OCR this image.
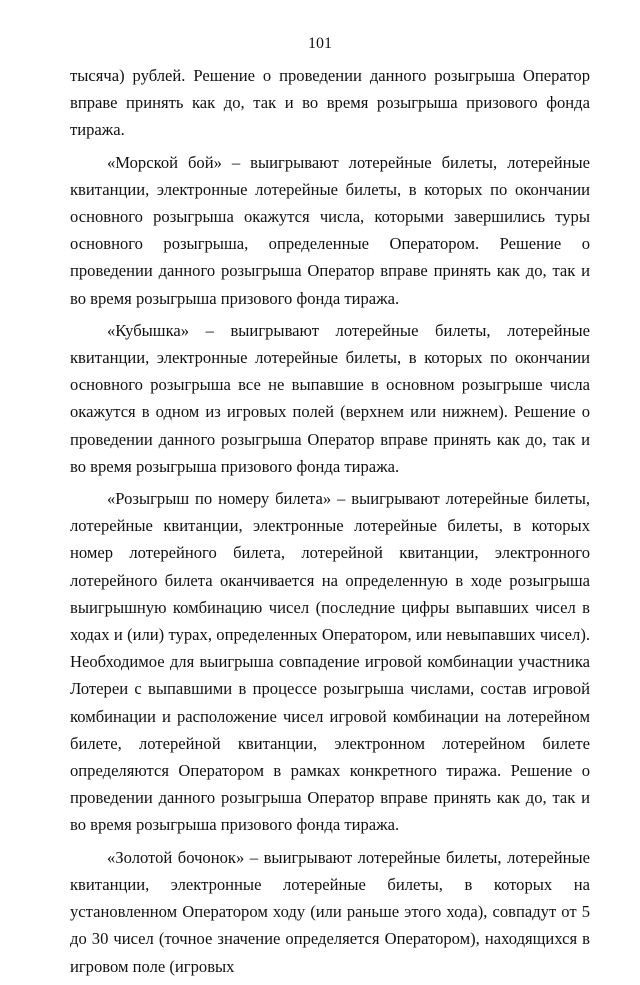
101

тысяча) рублей. Решение о проведении данного розыгрыша Оператор вправе принять как до, так и во время розыгрыша призового фонда тиража.

«Морской бой» – выигрывают лотерейные билеты, лотерейные квитанции, электронные лотерейные билеты, в которых по окончании основного розыгрыша окажутся числа, которыми завершились туры основного розыгрыша, определенные Оператором. Решение о проведении данного розыгрыша Оператор вправе принять как до, так и во время розыгрыша призового фонда тиража.

«Кубышка» – выигрывают лотерейные билеты, лотерейные квитанции, электронные лотерейные билеты, в которых по окончании основного розыгрыша все не выпавшие в основном розыгрыше числа окажутся в одном из игровых полей (верхнем или нижнем). Решение о проведении данного розыгрыша Оператор вправе принять как до, так и во время розыгрыша призового фонда тиража.

«Розыгрыш по номеру билета» – выигрывают лотерейные билеты, лотерейные квитанции, электронные лотерейные билеты, в которых номер лотерейного билета, лотерейной квитанции, электронного лотерейного билета оканчивается на определенную в ходе розыгрыша выигрышную комбинацию чисел (последние цифры выпавших чисел в ходах и (или) турах, определенных Оператором, или невыпавших чисел). Необходимое для выигрыша совпадение игровой комбинации участника Лотереи с выпавшими в процессе розыгрыша числами, состав игровой комбинации и расположение чисел игровой комбинации на лотерейном билете, лотерейной квитанции, электронном лотерейном билете определяются Оператором в рамках конкретного тиража. Решение о проведении данного розыгрыша Оператор вправе принять как до, так и во время розыгрыша призового фонда тиража.

«Золотой бочонок» – выигрывают лотерейные билеты, лотерейные квитанции, электронные лотерейные билеты, в которых на установленном Оператором ходу (или раньше этого хода), совпадут от 5 до 30 чисел (точное значение определяется Оператором), находящихся в игровом поле (игровых
